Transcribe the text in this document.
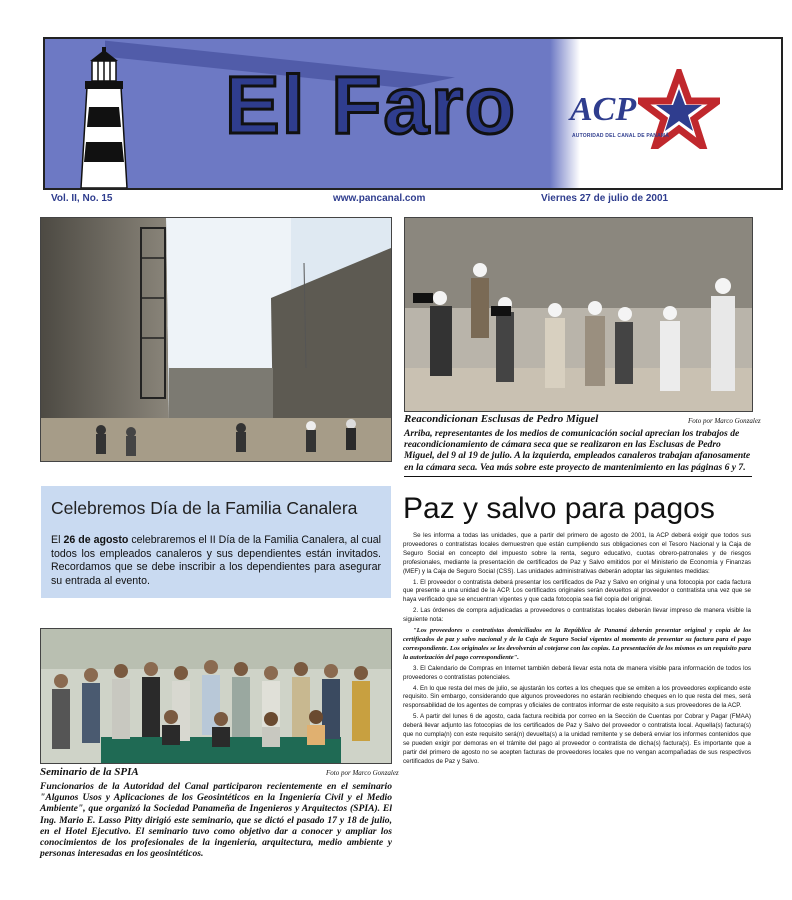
El Faro ACP
AUTORIDAD DEL CANAL DE PANAMÁ
Vol. II, No. 15	www.pancanal.com	Viernes 27 de julio de 2001
Reacondicionan Esclusas de Pedro Miguel	Foto por Marco Gonzalez
Arriba, representantes de los medios de comunicación social aprecian los trabajos de reacondicionamiento de cámara seca que se realizaron en las Esclusas de Pedro Miguel, del 9 al 19 de julio. A la izquierda, empleados canaleros trabajan afanosamente en la cámara seca. Vea más sobre este proyecto de mantenimiento en las páginas 6 y 7.
Celebremos Día de la Familia Canalera

El 26 de agosto celebraremos el II Día de la Familia Canalera, al cual todos los empleados canaleros y sus dependientes están invitados. Recordamos que se debe inscribir a los dependientes para asegurar su entrada al evento.

Seminario de la SPIA	Foto por Marco Gonzalez
Funcionarios de la Autoridad del Canal participaron recientemente en el seminario "Algunos Usos y Aplicaciones de los Geosintéticos en la Ingeniería Civil y el Medio Ambiente", que organizó la Sociedad Panameña de Ingenieros y Arquitectos (SPIA). El Ing. Mario E. Lasso Pitty dirigió este seminario, que se dictó el pasado 17 y 18 de julio, en el Hotel Ejecutivo. El seminario tuvo como objetivo dar a conocer y ampliar los conocimientos de los profesionales de la ingeniería, arquitectura, medio ambiente y personas interesadas en los geosintéticos.
Paz y salvo para pagos

Se les informa a todas las unidades, que a partir del primero de agosto de 2001, la ACP deberá exigir que todos sus proveedores o contratistas locales demuestren que están cumpliendo sus obligaciones con el Tesoro Nacional y la Caja de Seguro Social en concepto del impuesto sobre la renta, seguro educativo, cuotas obrero-patronales y de riesgos profesionales, mediante la presentación de certificados de Paz y Salvo emitidos por el Ministerio de Economía y Finanzas (MEF) y la Caja de Seguro Social (CSS). Las unidades administrativas deberán adoptar las siguientes medidas:

1. El proveedor o contratista deberá presentar los certificados de Paz y Salvo en original y una fotocopia por cada factura que presente a una unidad de la ACP. Los certificados originales serán devueltos al proveedor o contratista una vez que se haya verificado que se encuentran vigentes y que cada fotocopia sea fiel copia del original.

2. Las órdenes de compra adjudicadas a proveedores o contratistas locales deberán llevar impreso de manera visible la siguiente nota:

"Los proveedores o contratistas domiciliados en la República de Panamá deberán presentar original y copia de los certificados de paz y salvo nacional y de la Caja de Seguro Social vigentes al momento de presentar su factura para el pago correspondiente. Los originales se les devolverán al cotejarse con las copias. La presentación de los mismos es un requisito para la autorización del pago correspondiente".

3. El Calendario de Compras en Internet también deberá llevar esta nota de manera visible para información de todos los proveedores o contratistas potenciales.

4. En lo que resta del mes de julio, se ajustarán los cortes a los cheques que se emiten a los proveedores explicando este requisito. Sin embargo, considerando que algunos proveedores no estarán recibiendo cheques en lo que resta del mes, será responsabilidad de los agentes de compras y oficiales de contratos informar de este requisito a sus proveedores de la ACP.

5. A partir del lunes 6 de agosto, cada factura recibida por correo en la Sección de Cuentas por Cobrar y Pagar (FMAA) deberá llevar adjunto las fotocopias de los certificados de Paz y Salvo del proveedor o contratista local. Aquella(s) factura(s) que no cumpla(n) con este requisito será(n) devuelta(s) a la unidad remitente y se deberá enviar los informes contenidos que se pueden exigir por demoras en el trámite del pago al proveedor o contratista de dicha(s) factura(s). Es importante que a partir del primero de agosto no se acepten facturas de proveedores locales que no vengan acompañadas de sus respectivos certificados de Paz y Salvo.
